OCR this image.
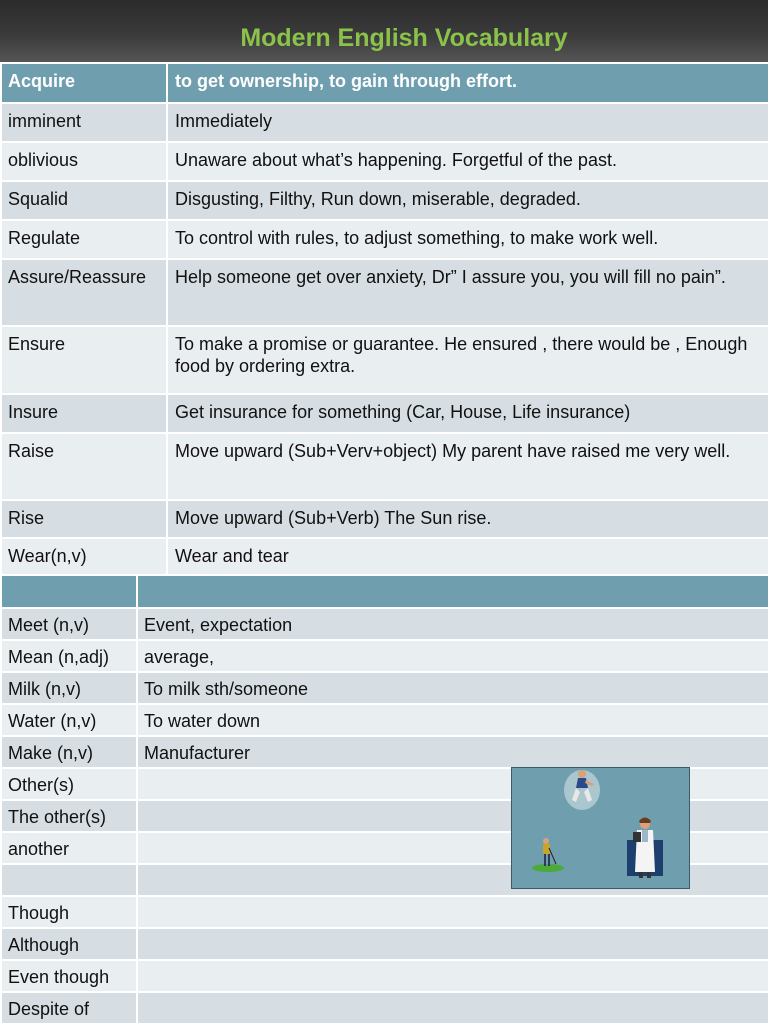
Modern English Vocabulary
Acquire	to get ownership, to gain through effort.

imminent	Immediately

oblivious	Unaware about what’s happening. Forgetful of the past.

Squalid	Disgusting, Filthy, Run down, miserable, degraded.

Regulate	To control with rules, to adjust something, to make work well.

Assure/Reassure	Help someone get over anxiety, Dr” I assure you, you will fill no pain”.

Ensure	To make a promise or guarantee. He ensured , there would be , Enough food by ordering extra.

Insure	Get insurance for something (Car, House, Life insurance)

Raise	Move upward (Sub+Verv+object) My parent have raised me very well.

Rise	Move upward (Sub+Verb) The Sun rise.

Wear(n,v)	Wear and tear

Meet (n,v)	Event, expectation

Mean (n,adj)	average,

Milk (n,v)	To milk sth/someone

Water (n,v)	To water down

Make (n,v)	Manufacturer

Other(s)	

The other(s)	

another	

Though	

Although	

Even though	

Despite of	
